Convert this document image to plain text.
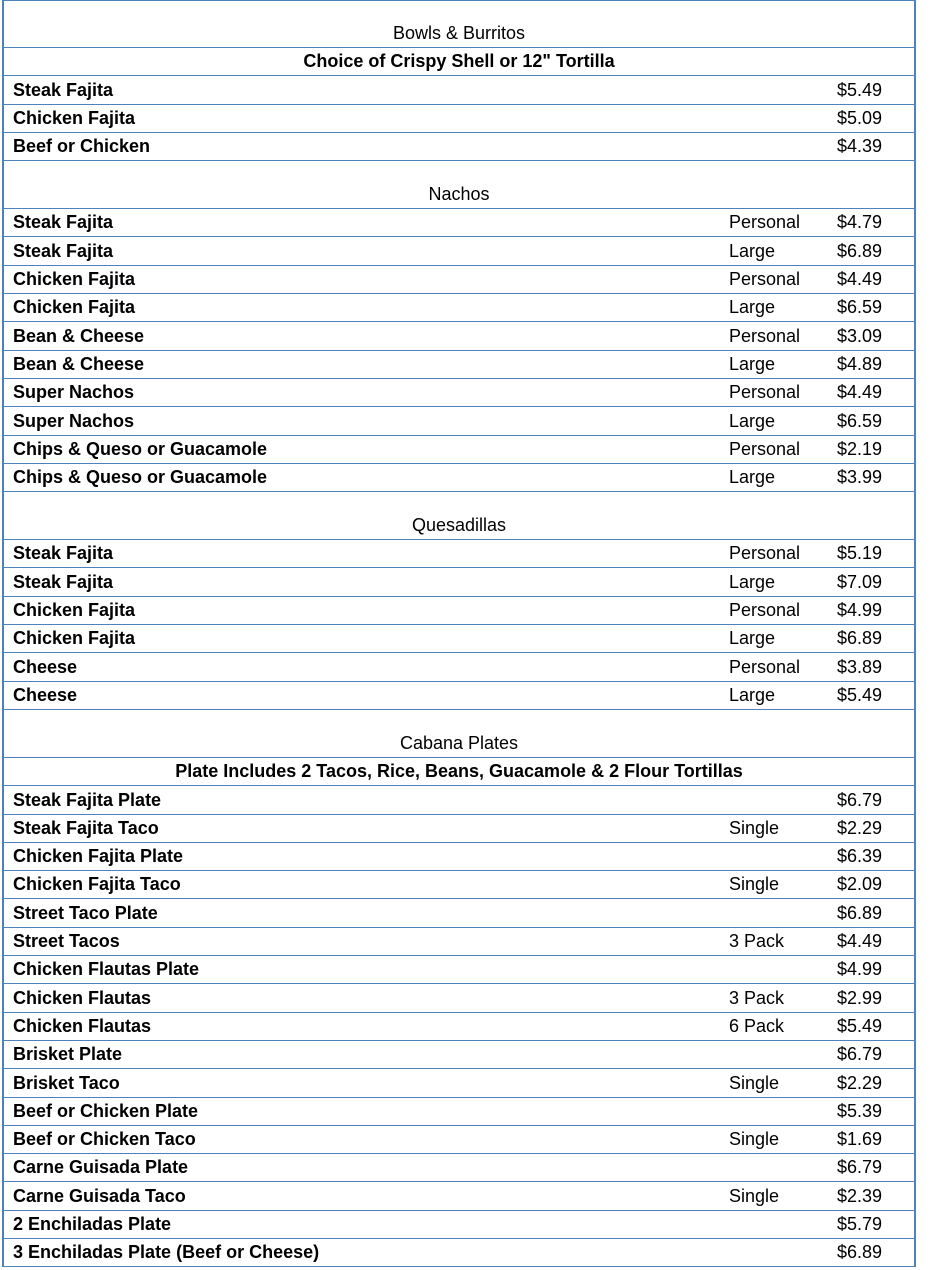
Bowls & Burritos
Choice of Crispy Shell or 12" Tortilla
Steak Fajita	$5.49
Chicken Fajita	$5.09
Beef or Chicken	$4.39
Nachos
Steak Fajita	Personal $4.79
Steak Fajita	Large	$6.89
Chicken Fajita	Personal $4.49
Chicken Fajita	Large	$6.59
Bean & Cheese	Personal $3.09
Bean & Cheese	Large	$4.89
Super Nachos	Personal $4.49
Super Nachos	Large	$6.59
Chips & Queso or Guacamole	Personal $2.19
Chips & Queso or Guacamole	Large	$3.99
Quesadillas
Steak Fajita	Personal $5.19
Steak Fajita	Large	$7.09
Chicken Fajita	Personal $4.99
Chicken Fajita	Large	$6.89
Cheese	Personal $3.89
Cheese	Large	$5.49
Cabana Plates
Plate Includes 2 Tacos, Rice, Beans, Guacamole & 2 Flour Tortillas
Steak Fajita Plate	$6.79
Steak Fajita Taco	Single	$2.29
Chicken Fajita Plate	$6.39
Chicken Fajita Taco	Single	$2.09
Street Taco Plate	$6.89
Street Tacos	3 Pack	$4.49
Chicken Flautas Plate	$4.99
Chicken Flautas	3 Pack	$2.99
Chicken Flautas	6 Pack	$5.49
Brisket Plate	$6.79
Brisket Taco	Single	$2.29
Beef or Chicken Plate	$5.39
Beef or Chicken Taco	Single	$1.69
Carne Guisada Plate	$6.79
Carne Guisada Taco	Single	$2.39
2 Enchiladas Plate	$5.79
3 Enchiladas Plate (Beef or Cheese)	$6.89
